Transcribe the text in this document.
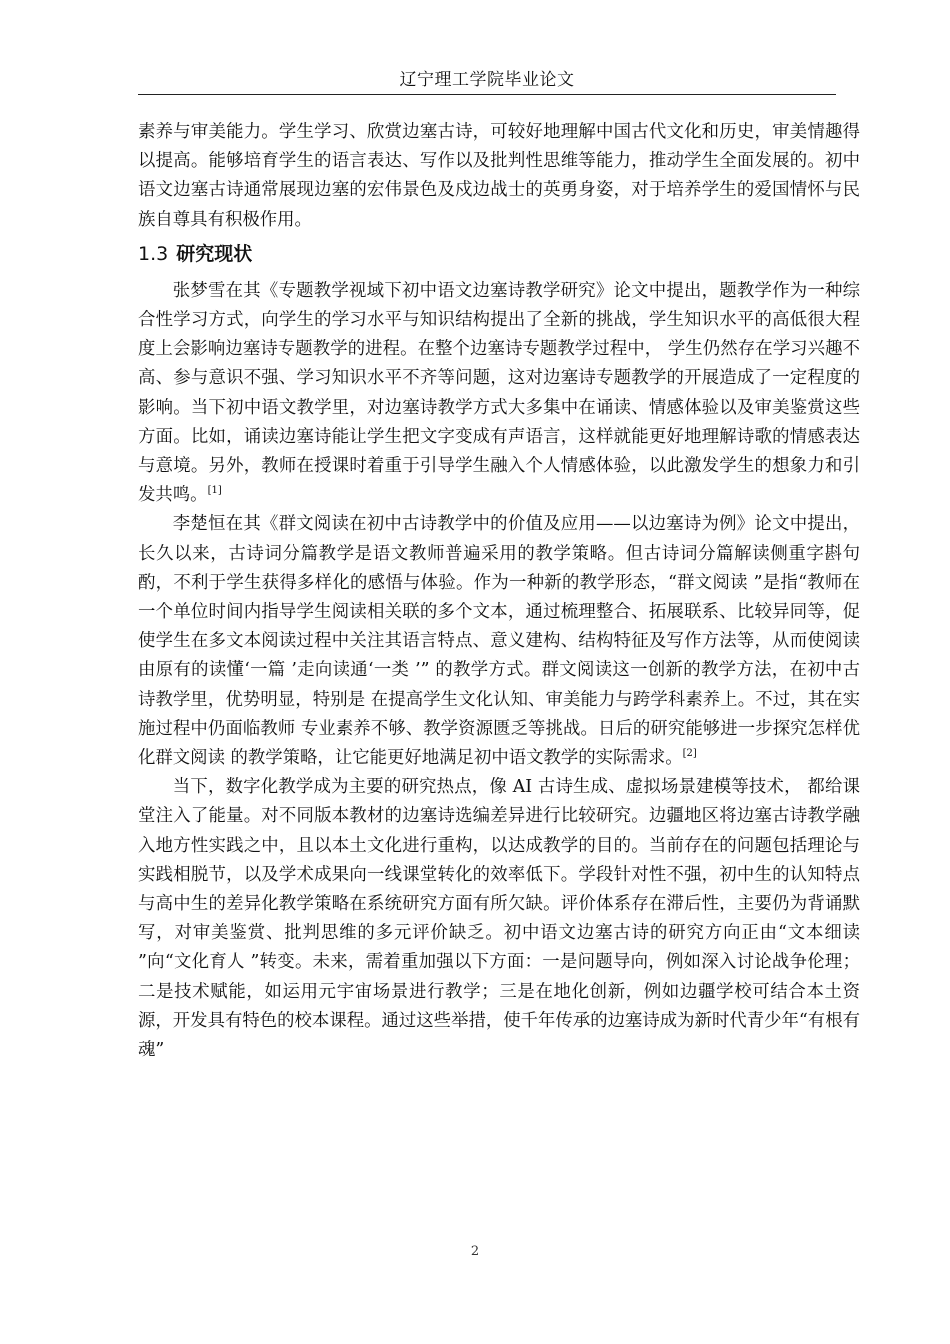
辽宁理工学院毕业论文

素养与审美能力。学生学习、欣赏边塞古诗，可较好地理解中国古代文化和历史，审美情趣得以提高。能够培育学生的语言表达、写作以及批判性思维等能力，推动学生全面发展的。初中语文边塞古诗通常展现边塞的宏伟景色及戍边战士的英勇身姿，对于培养学生的爱国情怀与民族自尊具有积极作用。

1.3 研究现状

张梦雪在其《专题教学视域下初中语文边塞诗教学研究》论文中提出，题教学作为一种综合性学习方式，向学生的学习水平与知识结构提出了全新的挑战，学生知识水平的高低很大程度上会影响边塞诗专题教学的进程。在整个边塞诗专题教学过程中， 学生仍然存在学习兴趣不高、参与意识不强、学习知识水平不齐等问题，这对边塞诗专题教学的开展造成了一定程度的影响。当下初中语文教学里，对边塞诗教学方式大多集中在诵读、情感体验以及审美鉴赏这些方面。比如，诵读边塞诗能让学生把文字变成有声语言，这样就能更好地理解诗歌的情感表达与意境。另外，教师在授课时着重于引导学生融入个人情感体验，以此激发学生的想象力和引发共鸣。[1]

李楚恒在其《群文阅读在初中古诗教学中的价值及应用——以边塞诗为例》论文中提出，长久以来，古诗词分篇教学是语文教师普遍采用的教学策略。但古诗词分篇解读侧重字斟句酌，不利于学生获得多样化的感悟与体验。作为一种新的教学形态，“群文阅读 ”是指“教师在一个单位时间内指导学生阅读相关联的多个文本，通过梳理整合、拓展联系、比较异同等，促使学生在多文本阅读过程中关注其语言特点、意义建构、结构特征及写作方法等，从而使阅读由原有的读懂‘一篇 ’走向读通‘一类 ’” 的教学方式。群文阅读这一创新的教学方法，在初中古诗教学里，优势明显，特别是 在提高学生文化认知、审美能力与跨学科素养上。不过，其在实施过程中仍面临教师 专业素养不够、教学资源匮乏等挑战。日后的研究能够进一步探究怎样优化群文阅读 的教学策略，让它能更好地满足初中语文教学的实际需求。[2]

当下，数字化教学成为主要的研究热点，像 AI 古诗生成、虚拟场景建模等技术， 都给课堂注入了能量。对不同版本教材的边塞诗选编差异进行比较研究。边疆地区将边塞古诗教学融入地方性实践之中，且以本土文化进行重构，以达成教学的目的。当前存在的问题包括理论与实践相脱节，以及学术成果向一线课堂转化的效率低下。学段针对性不强，初中生的认知特点与高中生的差异化教学策略在系统研究方面有所欠缺。评价体系存在滞后性，主要仍为背诵默写，对审美鉴赏、批判思维的多元评价缺乏。初中语文边塞古诗的研究方向正由“文本细读 ”向“文化育人 ”转变。未来，需着重加强以下方面：一是问题导向，例如深入讨论战争伦理；二是技术赋能，如运用元宇宙场景进行教学；三是在地化创新，例如边疆学校可结合本土资源，开发具有特色的校本课程。通过这些举措，使千年传承的边塞诗成为新时代青少年“有根有魂”

2
